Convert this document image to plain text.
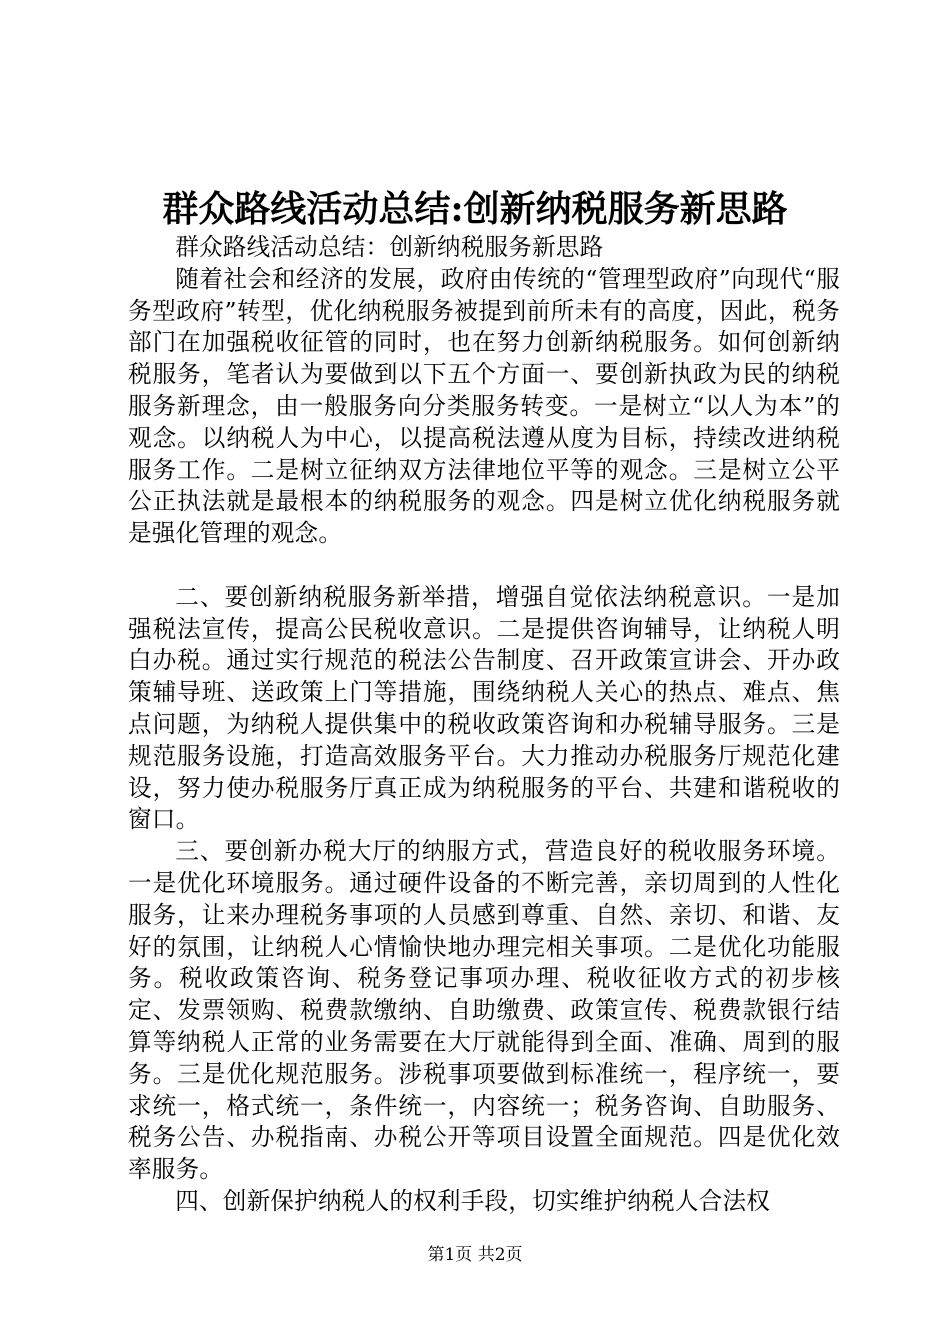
群众路线活动总结:创新纳税服务新思路

群众路线活动总结：创新纳税服务新思路

随着社会和经济的发展，政府由传统的“管理型政府”向现代“服务型政府”转型，优化纳税服务被提到前所未有的高度，因此，税务部门在加强税收征管的同时，也在努力创新纳税服务。如何创新纳税服务，笔者认为要做到以下五个方面一、要创新执政为民的纳税服务新理念，由一般服务向分类服务转变。一是树立“以人为本”的观念。以纳税人为中心，以提高税法遵从度为目标，持续改进纳税服务工作。二是树立征纳双方法律地位平等的观念。三是树立公平公正执法就是最根本的纳税服务的观念。四是树立优化纳税服务就是强化管理的观念。

二、要创新纳税服务新举措，增强自觉依法纳税意识。一是加强税法宣传，提高公民税收意识。二是提供咨询辅导，让纳税人明白办税。通过实行规范的税法公告制度、召开政策宣讲会、开办政策辅导班、送政策上门等措施，围绕纳税人关心的热点、难点、焦点问题，为纳税人提供集中的税收政策咨询和办税辅导服务。三是规范服务设施，打造高效服务平台。大力推动办税服务厅规范化建设，努力使办税服务厅真正成为纳税服务的平台、共建和谐税收的窗口。

三、要创新办税大厅的纳服方式，营造良好的税收服务环境。一是优化环境服务。通过硬件设备的不断完善，亲切周到的人性化服务，让来办理税务事项的人员感到尊重、自然、亲切、和谐、友好的氛围，让纳税人心情愉快地办理完相关事项。二是优化功能服务。税收政策咨询、税务登记事项办理、税收征收方式的初步核定、发票领购、税费款缴纳、自助缴费、政策宣传、税费款银行结算等纳税人正常的业务需要在大厅就能得到全面、准确、周到的服务。三是优化规范服务。涉税事项要做到标准统一，程序统一，要求统一，格式统一，条件统一，内容统一；税务咨询、自助服务、税务公告、办税指南、办税公开等项目设置全面规范。四是优化效率服务。

四、创新保护纳税人的权利手段，切实维护纳税人合法权

第1页 共2页
